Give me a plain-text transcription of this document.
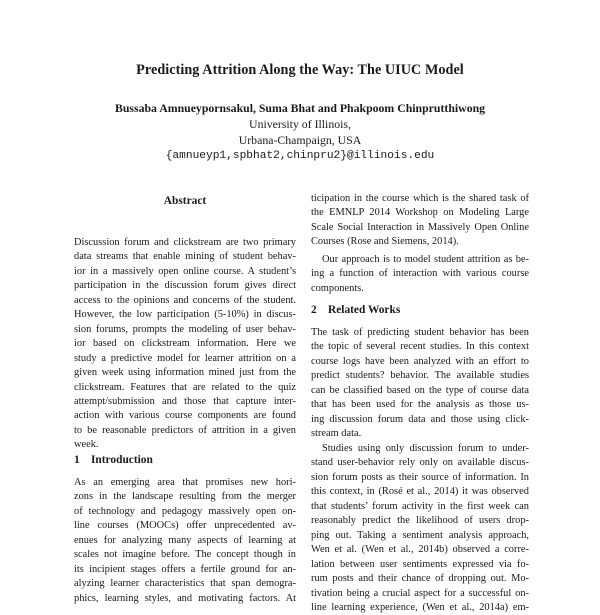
Predicting Attrition Along the Way: The UIUC Model
Bussaba Amnueypornsakul, Suma Bhat and Phakpoom Chinprutthiwong
University of Illinois,
Urbana-Champaign, USA
{amnueyp1,spbhat2,chinpru2}@illinois.edu
Abstract
Discussion forum and clickstream are two primary
data streams that enable mining of student behav-
ior in a massively open online course. A student’s
participation in the discussion forum gives direct
access to the opinions and concerns of the student.
However, the low participation (5-10%) in discus-
sion forums, prompts the modeling of user behav-
ior based on clickstream information. Here we
study a predictive model for learner attrition on a
given week using information mined just from the
clickstream. Features that are related to the quiz
attempt/submission and those that capture inter-
action with various course components are found
to be reasonable predictors of attrition in a given
week.
1 Introduction
As an emerging area that promises new hori-
zons in the landscape resulting from the merger
of technology and pedagogy massively open on-
line courses (MOOCs) offer unprecedented av-
enues for analyzing many aspects of learning at
scales not imagine before. The concept though in
its incipient stages offers a fertile ground for an-
alyzing learner characteristics that span demogra-
phics, learning styles, and motivating factors. At
ticipation in the course which is the shared task of
the EMNLP 2014 Workshop on Modeling Large
Scale Social Interaction in Massively Open Online
Courses (Rose and Siemens, 2014).
Our approach is to model student attrition as be-
ing a function of interaction with various course
components.
2 Related Works
The task of predicting student behavior has been
the topic of several recent studies. In this context
course logs have been analyzed with an effort to
predict students? behavior. The available studies
can be classified based on the type of course data
that has been used for the analysis as those us-
ing discussion forum data and those using click-
stream data.
Studies using only discussion forum to under-
stand user-behavior rely only on available discus-
sion forum posts as their source of information. In
this context, in (Rosé et al., 2014) it was observed
that students’ forum activity in the first week can
reasonably predict the likelihood of users drop-
ping out. Taking a sentiment analysis approach,
Wen et al. (Wen et al., 2014b) observed a corre-
lation between user sentiments expressed via fo-
rum posts and their chance of dropping out. Mo-
tivation being a crucial aspect for a successful on-
line learning experience, (Wen et al., 2014a) em-
